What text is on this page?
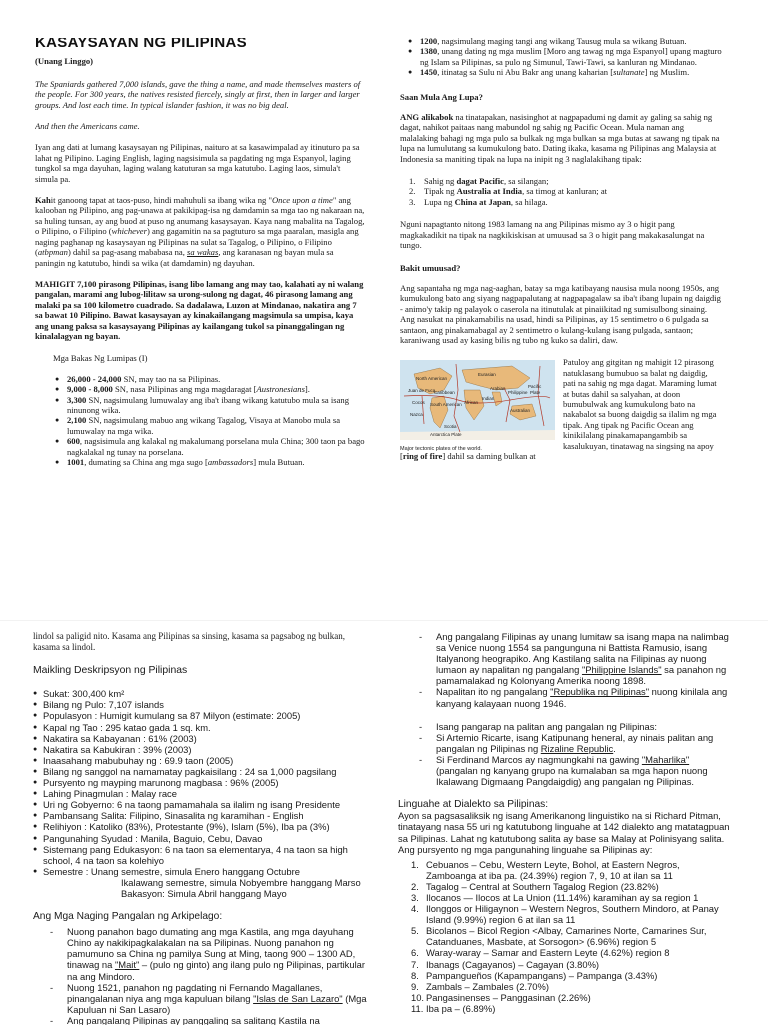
KASAYSAYAN NG PILIPINAS

(Unang Linggo)

The Spaniards gathered 7,000 islands, gave the thing a name, and made themselves masters of the people. For 300 years, the natives resisted fiercely, singly at first, then in larger and larger groups. And lost each time. In typical islander fashion, it was no big deal.

And then the Americans came.

Iyan ang dati at lumang kasaysayan ng Pilipinas, naituro at sa kasawimpalad ay itinuturo pa sa lahat ng Pilipino. Laging English, laging nagsisimula sa pagdating ng mga Espanyol, laging tungkol sa mga dayuhan, laging walang katuturan sa mga katutubo. Laging laos, simula't simula pa.

Kahit ganoong tapat at taos-puso, hindi mahuhuli sa ibang wika ng "Once upon a time" ang kalooban ng Pilipino, ang pag-unawa at pakikipag-isa ng damdamin sa mga tao ng nakaraan na, sa huling tunsan, ay ang buod at puso ng anumang kasaysayan. Kaya nang mabalita na Tagalog, o Pilipino, o Filipino (whichever) ang gagamitin na sa pagtuturo sa mga paaralan, masigla ang naging paghanap ng kasaysayan ng Pilipinas na sulat sa Tagalog, o Pilipino, o Filipino (atbpman) dahil sa pag-asang mababasa na, sa wakas, ang karanasan ng bayan mula sa paningin ng katutubo, hindi sa wika (at damdamin) ng dayuhan.

MAHIGIT 7,100 pirasong Pilipinas, isang libo lamang ang may tao, kalahati ay ni walang pangalan, marami ang lubog-lilitaw sa urong-sulong ng dagat, 46 pirasong lamang ang malaki pa sa 100 kilometro cuadrado. Sa dadalawa, Luzon at Mindanao, nakatira ang 7 sa bawat 10 Pilipino. Bawat kasaysayan ay kinakailangang magsimula sa umpisa, kaya ang unang paksa sa kasaysayang Pilipinas ay kailangang tukol sa pinanggalingan ng kinalalagyan ng bayan.

Mga Bakas Ng Lumipas (I)

● 26,000 - 24,000 SN, may tao na sa Pilipinas.
● 9,000 - 8,000 SN, nasa Pilipinas ang mga magdaragat [Austronesians].
● 3,300 SN, nagsimulang lumuwalay ang iba't ibang wikang katutubo mula sa isang ninunong wika.
● 2,100 SN, nagsimulang mabuo ang wikang Tagalog, Visaya at Manobo mula sa lumuwalay na mga wika.
● 600, nagsisimula ang kalakal ng makalumang porselana mula China; 300 taon pa bago nagkalakal ng tunay na porselana.
● 1001, dumating sa China ang mga sugo [ambassadors] mula Butuan.
● 1200, nagsimulang maging tangi ang wikang Tausug mula sa wikang Butuan.
● 1380, unang dating ng mga muslim [Moro ang tawag ng mga Espanyol] upang magturo ng Islam sa Pilipinas, sa pulo ng Simunul, Tawi-Tawi, sa kanluran ng Mindanao.
● 1450, itinatag sa Sulu ni Abu Bakr ang unang kaharian [sultanate] ng Muslim.

Saan Mula Ang Lupa?

ANG alikabok na tinatapakan, nasisinghot at nagpapadumi ng damit ay galing sa sahig ng dagat, nahikot paitaas nang mabundol ng sahig ng Pacific Ocean. Mula naman ang malalaking bahagi ng mga pulo sa bulkak ng mga bulkan sa mga butas at sawang ng tipak na lupa na lumulutang sa kumukulong bato. Dating ikaka, kasama ng Pilipinas ang Malaysia at Indonesia sa maniting tipak na lupa na inipit ng 3 naglalakihang tipak:

1. Sahig ng dagat Pacific, sa silangan;
2. Tipak ng Australia at India, sa timog at kanluran; at
3. Lupa ng China at Japan, sa hilaga.

Nguni napagtanto nitong 1983 lamang na ang Pilipinas mismo ay 3 o higit pang magkakadikit na tipak na nagkikiskisan at umuusad sa 3 o higit pang makakasalungat na tungo.

Bakit umuusad?

Ang sapantaha ng mga nag-aaghan, batay sa mga katibayang nausisa mula noong 1950s, ang kumukulong bato ang siyang nagpapalutang at nagpapagalaw sa iba't ibang lupain ng daigdig - animo'y takip ng palayok o caserola na itinutulak at pinaiikitad ng sumisulbong sinaing. Ang nasukat na pinakamabilis na usad, hindi sa Pilipinas, ay 15 sentimetro o 6 pulgada sa santaon, ang pinakamabagal ay 2 sentimetro o kulang-kulang isang pulgada, santaon; karaniwang usad ay kasing bilis ng tubo ng kuko sa daliri, daw.

Eurasian
Pacific
North American
Indian
Australian
Antarctica Plate
South American African
Philippine
Juan de Fuca
Caribbean
Cocos
Nazca
Scotia
Arabian
Plate
Major tectonic plates of the world.

Patuloy ang gitgitan ng mahigit 12 pirasong natuklasang bumubuo sa balat ng daigdig, pati na sahig ng mga dagat. Maraming lumat at butas dahil sa salyahan, at doon bumubulwak ang kumukulong bato na nakabalot sa buong daigdig sa ilalim ng mga tipak. Ang tipak ng Pacific Ocean ang kinikilalang pinakamapangambib sa kasalukuyan, tinatawag na singsing na apoy [ring of fire] dahil sa daming bulkan at

lindol sa paligid nito. Kasama ang Pilipinas sa sinsing, kasama sa pagsabog ng bulkan, kasama sa lindol.

Maikling Deskripsyon ng Pilipinas

● Sukat: 300,400 km²
● Bilang ng Pulo: 7,107 islands
● Populasyon : Humigit kumulang sa 87 Milyon (estimate: 2005)
● Kapal ng Tao : 295 katao gada 1 sq. km.
● Nakatira sa Kabayanan : 61% (2003)
● Nakatira sa Kabukiran : 39% (2003)
● Inaasahang mabubuhay ng : 69.9 taon (2005)
● Bilang ng sanggol na namamatay pagkaisilang : 24 sa 1,000 pagsilang
● Pursyento ng mayping marunong magbasa : 96% (2005)
● Lahing Pinagmulan : Malay race
● Uri ng Gobyerno: 6 na taong pamamahala sa ilalim ng isang Presidente
● Pambansang Salita: Filipino, Sinasalita ng karamihan - English
● Relihiyon : Katoliko (83%), Protestante (9%), Islam (5%), Iba pa (3%)
● Pangunahing Syudad : Manila, Baguio, Cebu, Davao
● Sistemang pang Edukasyon: 6 na taon sa elementarya, 4 na taon sa high school, 4 na taon sa kolehiyo
● Semestre : Unang semestre, simula Enero hanggang Octubre

Ikalawang semestre, simula Nobyembre hanggang Marso

Bakasyon: Simula Abril hanggang Mayo

Ang Mga Naging Pangalan ng Arkipelago:

- Nuong panahon bago dumating ang mga Kastila, ang mga dayuhang Chino ay nakikipagkalakalan na sa Pilipinas. Nuong panahon ng pamumuno sa China ng pamilya Sung at Ming, taong 900 – 1300 AD, tinawag na "Mait" – (pulo ng ginto) ang ilang pulo ng Pilipinas, partikular na ang Mindoro.
- Nuong 1521, panahon ng pagdating ni Fernando Magallanes, pinangalanan niya ang mga kapuluan bilang "Islas de San Lazaro" (Mga Kapuluan ni San Lasaro)
- Ang pangalang Pilipinas ay panggaling sa salitang Kastila na
- Ang pangalang Filipinas ay unang lumitaw sa isang mapa na nalimbag sa Venice nuong 1554 sa pangunguna ni Battista Ramusio, isang Italyanong heograpiko. Ang Kastilang salita na Filipinas ay nuong lumaon ay napalitan ng pangalang "Philippine Islands" sa panahon ng pamamalakad ng Kolonyang Amerika noong 1898.
- Napalitan ito ng pangalang "Republika ng Pilipinas" nuong kinilala ang kanyang kalayaan nuong 1946.
- Isang pangarap na palitan ang pangalan ng Pilipinas:
- Si Artemio Ricarte, isang Katipunang heneral, ay ninais palitan ang pangalan ng Pilipinas ng Rizaline Republic.
- Si Ferdinand Marcos ay nagmungkahi na gawing "Maharlika" (pangalan ng kanyang grupo na kumalaban sa mga hapon nuong Ikalawang Digmaang Pangdaigdig) ang pangalan ng Pilipinas.

Linguahe at Dialekto sa Pilipinas:

Ayon sa pagsasaliksik ng isang Amerikanong linguistiko na si Richard Pitman, tinatayang nasa 55 uri ng katutubong linguahe at 142 dialekto ang matatagpuan sa Pilipinas. Lahat ng katutubong salita ay base sa Malay at Polinisyang salita. Ang pursyento ng mga pangunahing linguahe sa Pilipinas ay:

1. Cebuanos – Cebu, Western Leyte, Bohol, at Eastern Negros, Zamboanga at iba pa. (24.39%) region 7, 9, 10 at ilan sa 11
2. Tagalog – Central at Southern Tagalog Region (23.82%)
3. Ilocanos — Ilocos at La Union (11.14%) karamihan ay sa region 1
4. Ilonggos or Hiligaynon – Western Negros, Southern Mindoro, at Panay Island (9.99%) region 6 at ilan sa 11
5. Bicolanos – Bicol Region <Albay, Camarines Norte, Camarines Sur, Catanduanes, Masbate, at Sorsogon> (6.96%) region 5
6. Waray-waray – Samar and Eastern Leyte (4.62%) region 8
7. Ibanags (Cagayanos) – Cagayan (3.80%)
8. Pampangueños (Kapampangans) – Pampanga (3.43%)
9. Zambals – Zambales (2.70%)
10. Pangasinenses – Panggasinan (2.26%)
11. Iba pa – (6.89%)
